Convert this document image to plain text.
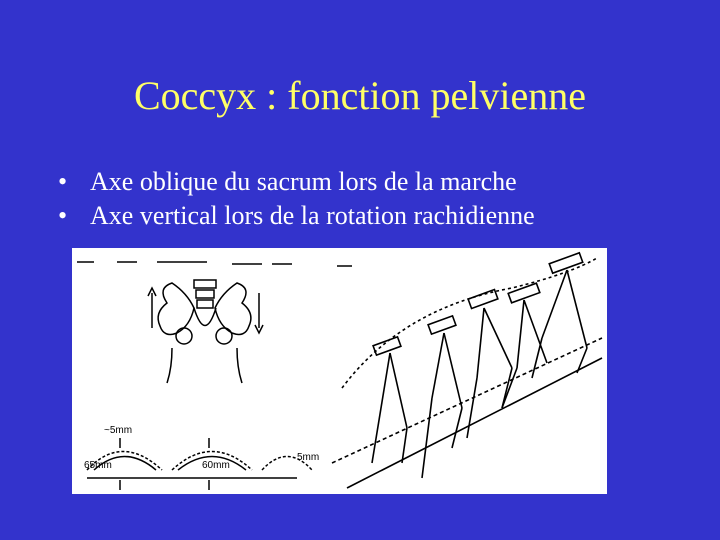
Coccyx : fonction pelvienne
• Axe oblique du sacrum lors de la marche
• Axe vertical lors de la rotation rachidienne
~5mm
65mm	60mm
5mm
